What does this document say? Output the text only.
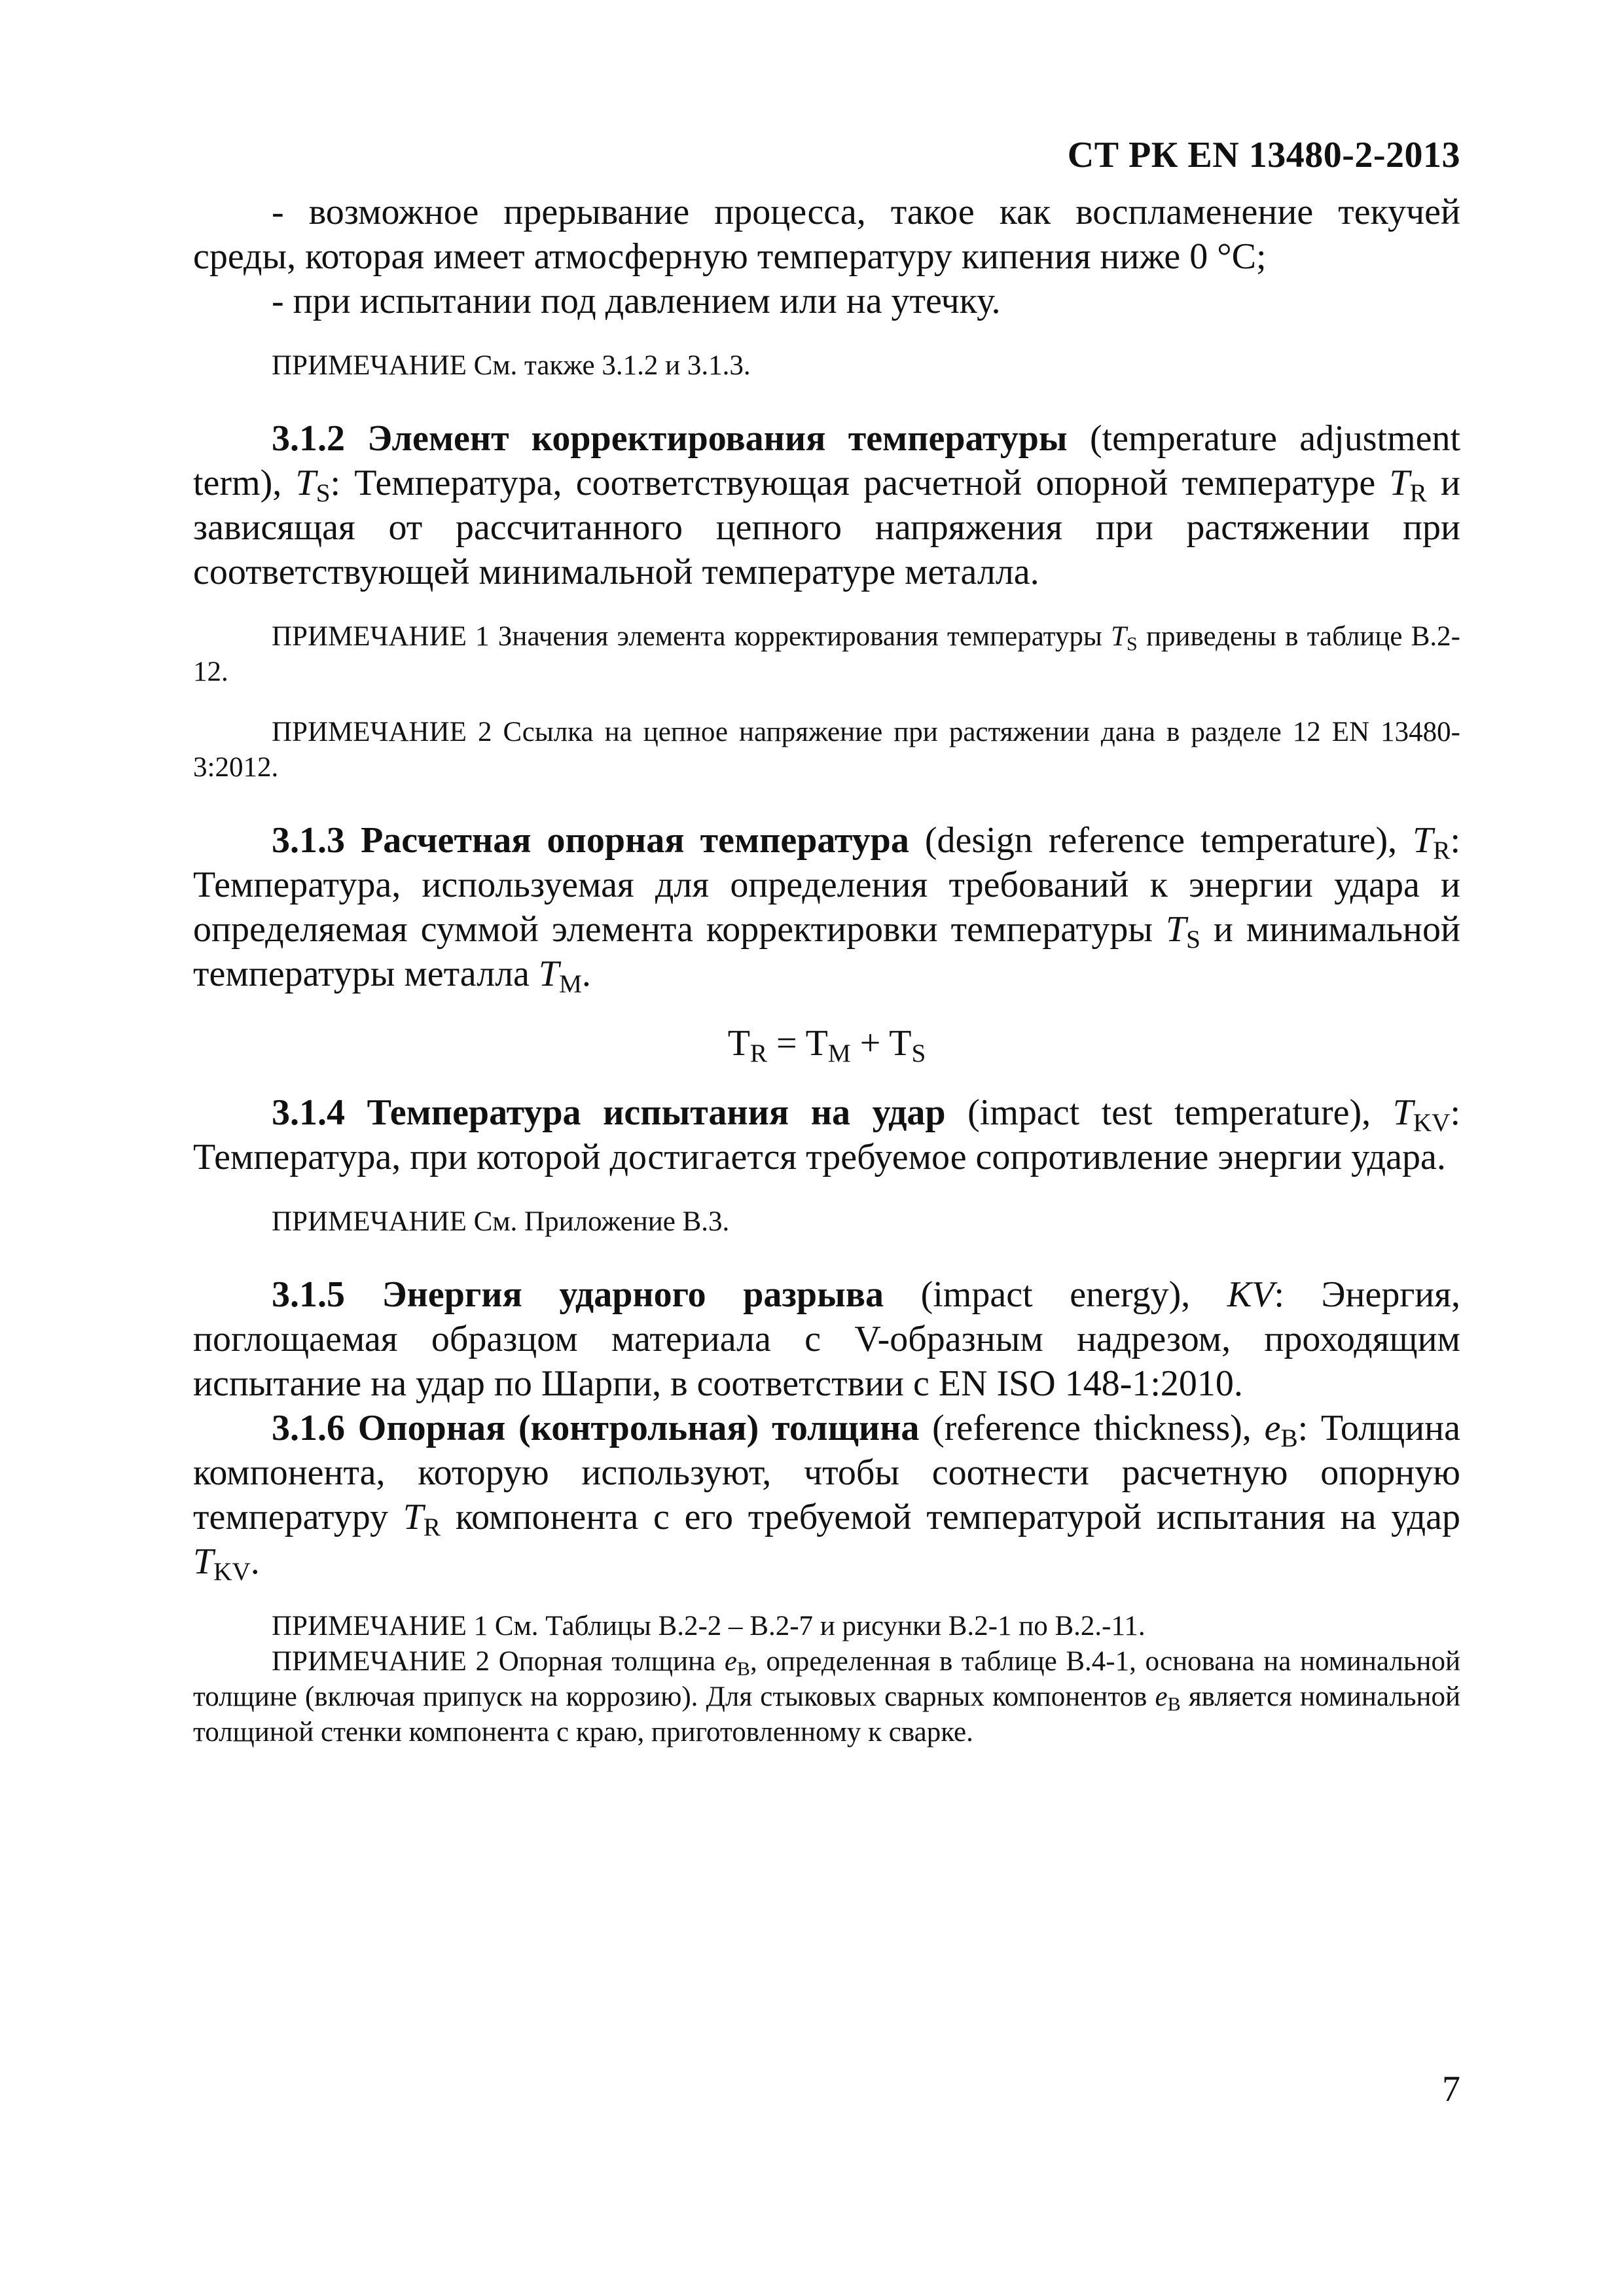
СТ РК EN 13480-2-2013

- возможное прерывание процесса, такое как воспламенение текучей среды, которая имеет атмосферную температуру кипения ниже 0 °C;

- при испытании под давлением или на утечку.

ПРИМЕЧАНИЕ См. также 3.1.2 и 3.1.3.

3.1.2 Элемент корректирования температуры (temperature adjustment term), $T_S$: Температура, соответствующая расчетной опорной температуре $T_R$ и зависящая от рассчитанного цепного напряжения при растяжении при соответствующей минимальной температуре металла.

ПРИМЕЧАНИЕ 1 Значения элемента корректирования температуры $T_S$ приведены в таблице В.2-12.

ПРИМЕЧАНИЕ 2 Ссылка на цепное напряжение при растяжении дана в разделе 12 EN 13480-3:2012.

3.1.3 Расчетная опорная температура (design reference temperature), $T_R$: Температура, используемая для определения требований к энергии удара и определяемая суммой элемента корректировки температуры $T_S$ и минимальной температуры металла $T_M$.

$T_R = T_M + T_S$

3.1.4 Температура испытания на удар (impact test temperature), $T_{KV}$: Температура, при которой достигается требуемое сопротивление энергии удара.

ПРИМЕЧАНИЕ См. Приложение В.3.

3.1.5 Энергия ударного разрыва (impact energy), KV: Энергия, поглощаемая образцом материала с V-образным надрезом, проходящим испытание на удар по Шарпи, в соответствии с EN ISO 148-1:2010.

3.1.6 Опорная (контрольная) толщина (reference thickness), $e_B$: Толщина компонента, которую используют, чтобы соотнести расчетную опорную температуру $T_R$ компонента с его требуемой температурой испытания на удар $T_{KV}$.

ПРИМЕЧАНИЕ 1 См. Таблицы В.2-2 – В.2-7 и рисунки В.2-1 по В.2.-11.

ПРИМЕЧАНИЕ 2 Опорная толщина $e_B$, определенная в таблице В.4-1, основана на номинальной толщине (включая припуск на коррозию). Для стыковых сварных компонентов $e_B$ является номинальной толщиной стенки компонента с краю, приготовленному к сварке.

7
